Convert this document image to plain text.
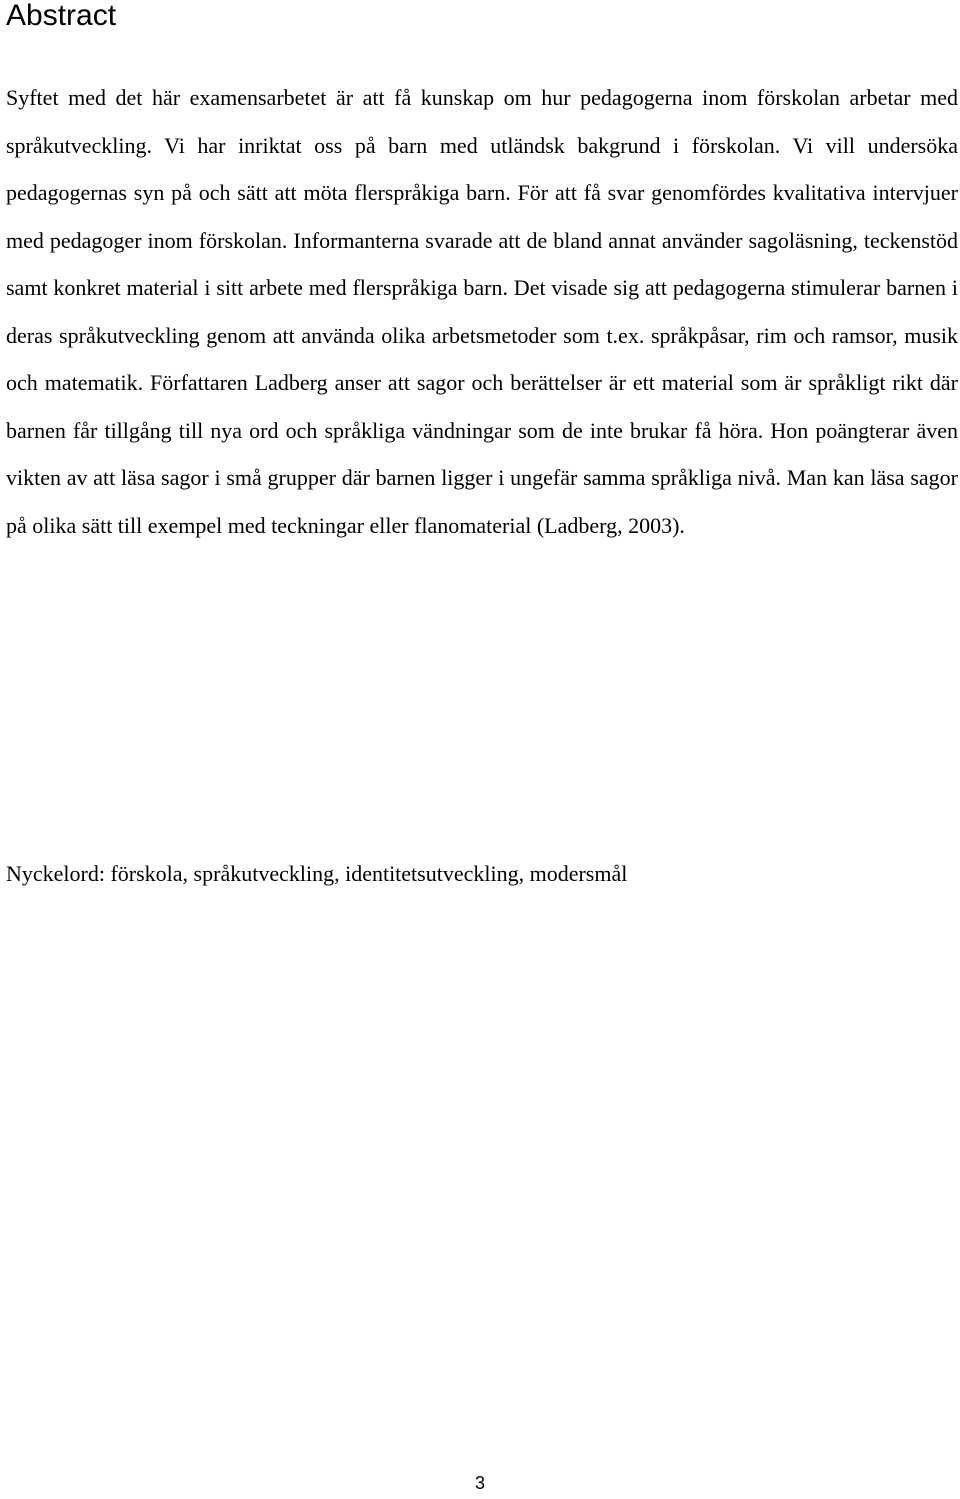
Abstract

Syftet med det här examensarbetet är att få kunskap om hur pedagogerna inom förskolan arbetar med språkutveckling. Vi har inriktat oss på barn med utländsk bakgrund i förskolan. Vi vill undersöka pedagogernas syn på och sätt att möta flerspråkiga barn. För att få svar genomfördes kvalitativa intervjuer med pedagoger inom förskolan. Informanterna svarade att de bland annat använder sagoläsning, teckenstöd samt konkret material i sitt arbete med flerspråkiga barn. Det visade sig att pedagogerna stimulerar barnen i deras språkutveckling genom att använda olika arbetsmetoder som t.ex. språkpåsar, rim och ramsor, musik och matematik. Författaren Ladberg anser att sagor och berättelser är ett material som är språkligt rikt där barnen får tillgång till nya ord och språkliga vändningar som de inte brukar få höra. Hon poängterar även vikten av att läsa sagor i små grupper där barnen ligger i ungefär samma språkliga nivå. Man kan läsa sagor på olika sätt till exempel med teckningar eller flanomaterial (Ladberg, 2003).

Nyckelord: förskola, språkutveckling, identitetsutveckling, modersmål

3
